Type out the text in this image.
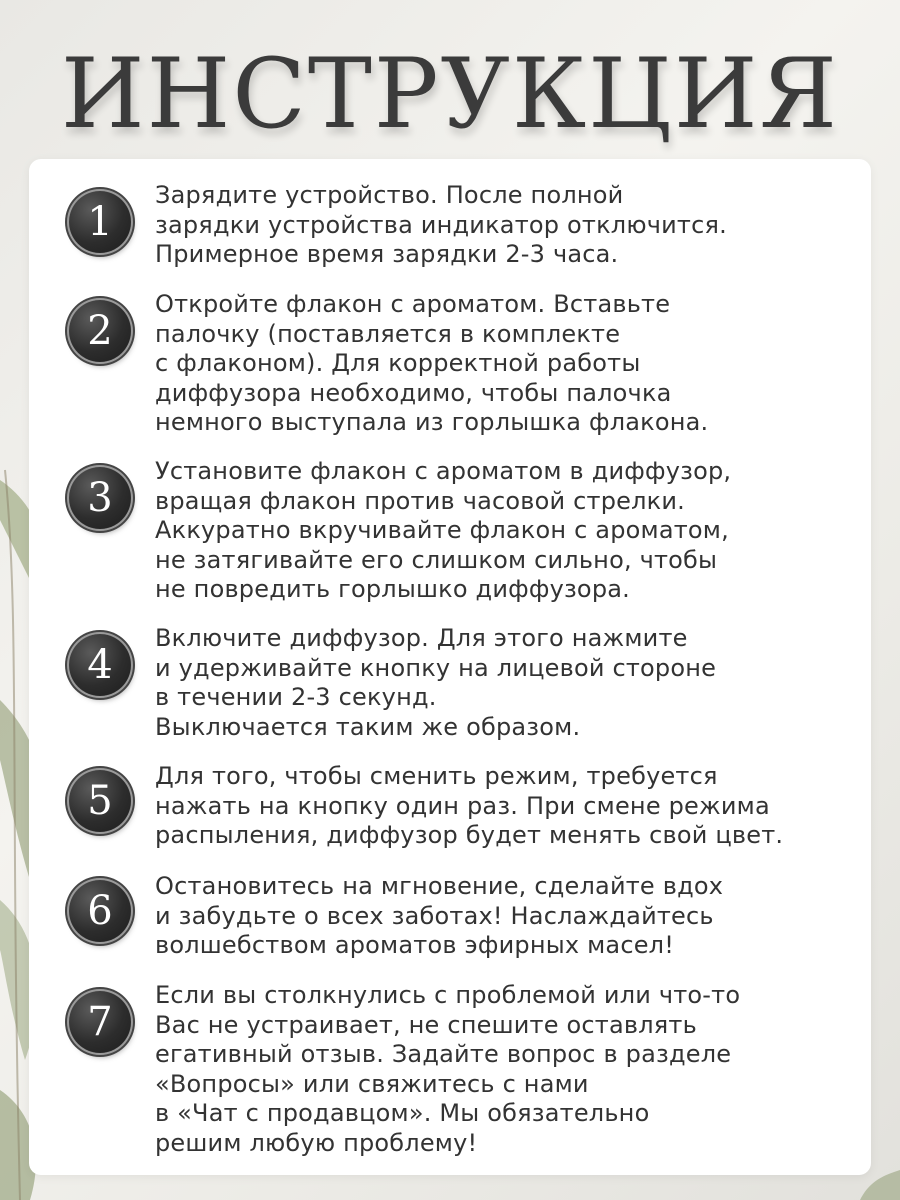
ИНСТРУКЦИЯ
1
Зарядите устройство. После полной
зарядки устройства индикатор отключится.
Примерное время зарядки 2-3 часа.
2
Откройте флакон с ароматом. Вставьте
палочку (поставляется в комплекте
с флаконом). Для корректной работы
диффузора необходимо, чтобы палочка
немного выступала из горлышка флакона.
3
Установите флакон с ароматом в диффузор,
вращая флакон против часовой стрелки.
Аккуратно вкручивайте флакон с ароматом,
не затягивайте его слишком сильно, чтобы
не повредить горлышко диффузора.
4
Включите диффузор. Для этого нажмите
и удерживайте кнопку на лицевой стороне
в течении 2-3 секунд.
Выключается таким же образом.
5
Для того, чтобы сменить режим, требуется
нажать на кнопку один раз. При смене режима
распыления, диффузор будет менять свой цвет.
6
Остановитесь на мгновение, сделайте вдох
и забудьте о всех заботах! Наслаждайтесь
волшебством ароматов эфирных масел!
7
Если вы столкнулись с проблемой или что-то
Вас не устраивает, не спешите оставлять
егативный отзыв. Задайте вопрос в разделе
«Вопросы» или свяжитесь с нами
в «Чат с продавцом». Мы обязательно
решим любую проблему!
